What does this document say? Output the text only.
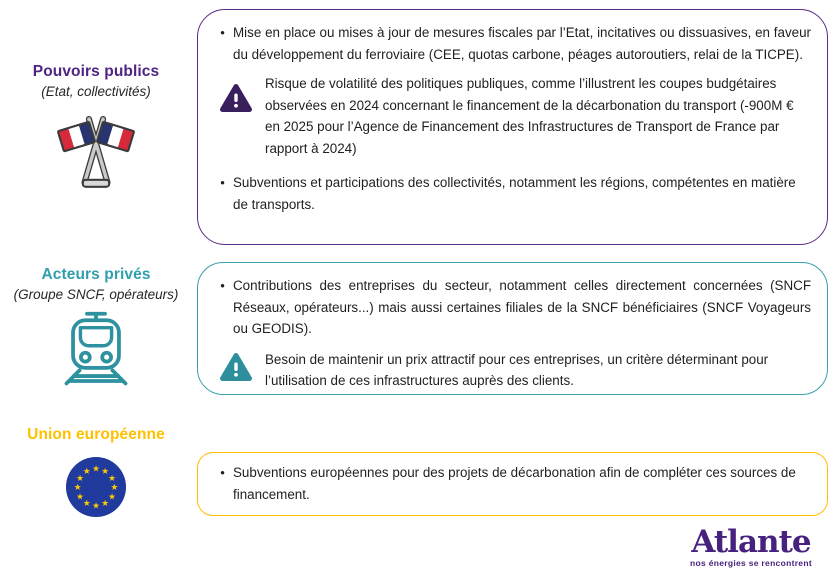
Pouvoirs publics
(Etat, collectivités)
• Mise en place ou mises à jour de mesures fiscales par l’Etat, incitatives ou dissuasives, en faveur du développement du ferroviaire (CEE, quotas carbone, péages autoroutiers, relai de la TICPE).

Risque de volatilité des politiques publiques, comme l’illustrent les coupes budgétaires observées en 2024 concernant le financement de la décarbonation du transport (-900M € en 2025 pour l’Agence de Financement des Infrastructures de Transport de France par rapport à 2024)

• Subventions et participations des collectivités, notamment les régions, compétentes en matière de transports.

Acteurs privés
(Groupe SNCF, opérateurs)
• Contributions des entreprises du secteur, notamment celles directement concernées (SNCF Réseaux, opérateurs...) mais aussi certaines filiales de la SNCF bénéficiaires (SNCF Voyageurs ou GEODIS).

Besoin de maintenir un prix attractif pour ces entreprises, un critère déterminant pour l’utilisation de ces infrastructures auprès des clients.

Union européenne
★ ★
★
★
★
★
★
★
★
★
★
★	• Subventions européennes pour des projets de décarbonation afin de compléter ces sources de financement.

Atlante
nos énergies se rencontrent
